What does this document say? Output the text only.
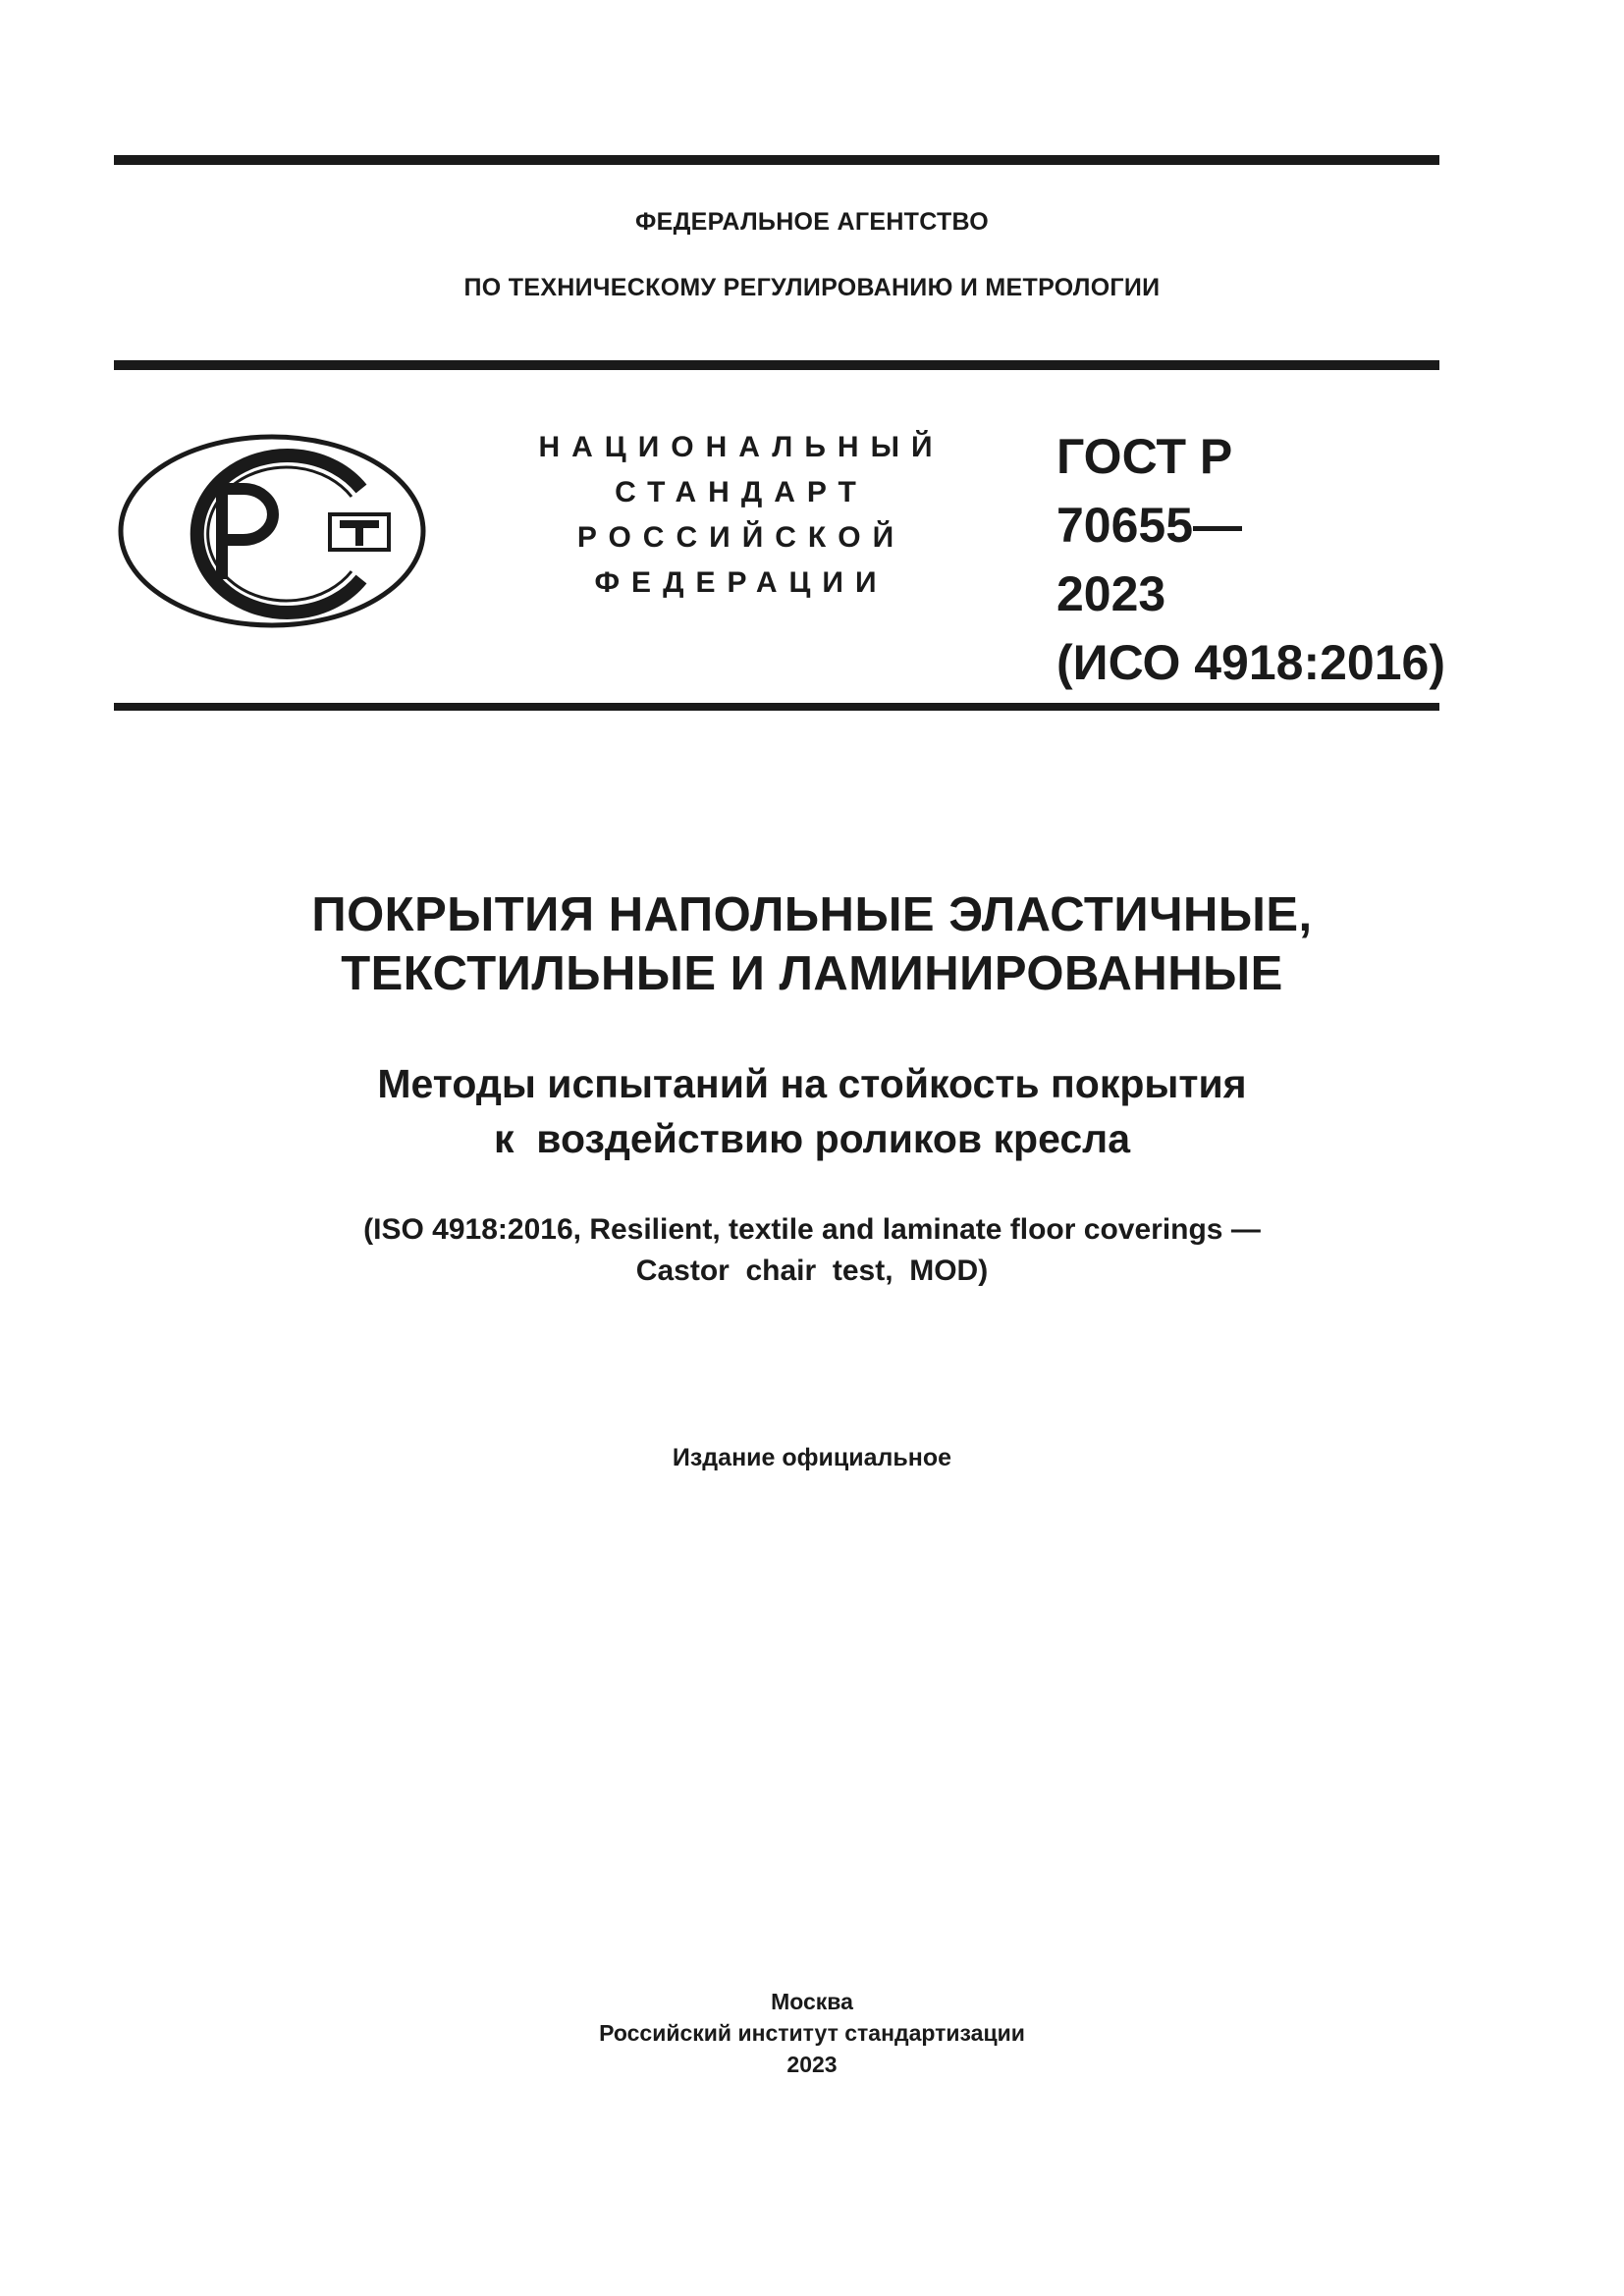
ФЕДЕРАЛЬНОЕ АГЕНТСТВО
ПО ТЕХНИЧЕСКОМУ РЕГУЛИРОВАНИЮ И МЕТРОЛОГИИ
НАЦИОНАЛЬНЫЙ
СТАНДАРТ
РОССИЙСКОЙ
ФЕДЕРАЦИИ
ГОСТ Р
70655—
2023
(ИСО 4918:2016)
ПОКРЫТИЯ НАПОЛЬНЫЕ ЭЛАСТИЧНЫЕ,
ТЕКСТИЛЬНЫЕ И ЛАМИНИРОВАННЫЕ
Методы испытаний на стойкость покрытия
к  воздействию роликов кресла
(ISO 4918:2016, Resilient, textile and laminate floor coverings —
Castor  chair  test,  MOD)
Издание официальное
Москва
Российский институт стандартизации
2023
